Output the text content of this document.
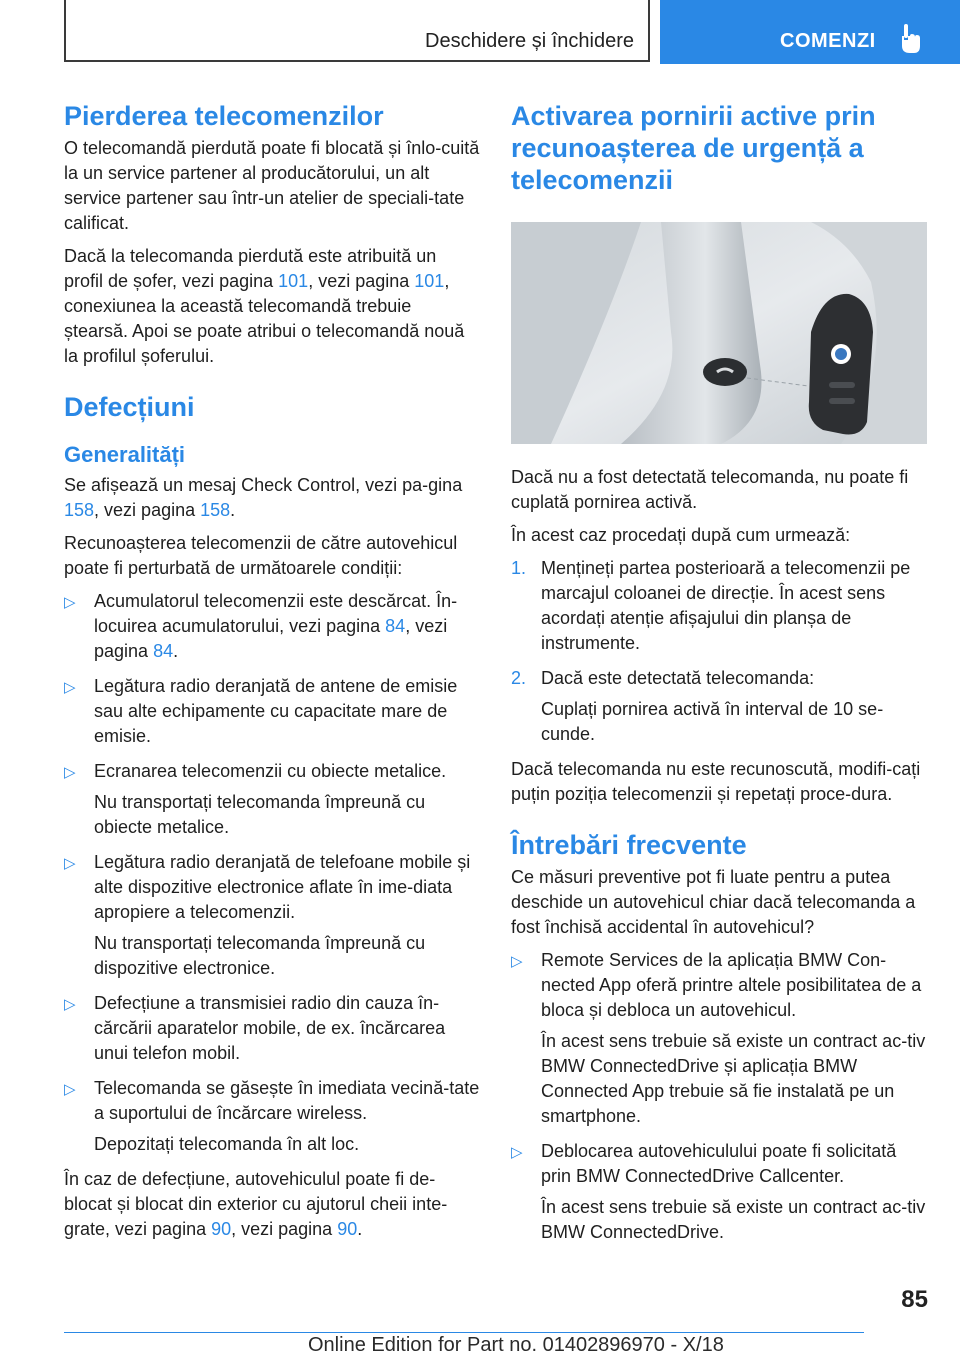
Deschidere și închidere	COMENZI
Pierderea telecomenzilor

O telecomandă pierdută poate fi blocată și înlo-cuită la un service partener al producătorului, un alt service partener sau într-un atelier de speciali-tate calificat.

Dacă la telecomanda pierdută este atribuită un profil de șofer, vezi pagina 101, vezi pagina 101, conexiunea la această telecomandă trebuie ștearsă. Apoi se poate atribui o telecomandă nouă la profilul șoferului.

Defecțiuni
Generalități

Se afișează un mesaj Check Control, vezi pa-gina 158, vezi pagina 158.

Recunoașterea telecomenzii de către autovehicul poate fi perturbată de următoarele condiții:

▷ Acumulatorul telecomenzii este descărcat. În-locuirea acumulatorului, vezi pagina 84, vezi pagina 84.

▷ Legătura radio deranjată de antene de emisie sau alte echipamente cu capacitate mare de emisie.

▷ Ecranarea telecomenzii cu obiecte metalice.

Nu transportați telecomanda împreună cu obiecte metalice.

▷ Legătura radio deranjată de telefoane mobile și alte dispozitive electronice aflate în ime-diata apropiere a telecomenzii.

Nu transportați telecomanda împreună cu dispozitive electronice.

▷ Defecțiune a transmisiei radio din cauza în-cărcării aparatelor mobile, de ex. încărcarea unui telefon mobil.

▷ Telecomanda se găsește în imediata vecină-tate a suportului de încărcare wireless.

Depozitați telecomanda în alt loc.

În caz de defecțiune, autovehiculul poate fi de-blocat și blocat din exterior cu ajutorul cheii inte-grate, vezi pagina 90, vezi pagina 90.

Activarea pornirii active prin recunoașterea de urgență a telecomenzii

Dacă nu a fost detectată telecomanda, nu poate fi cuplată pornirea activă.

În acest caz procedați după cum urmează:

1. Mențineți partea posterioară a telecomenzii pe marcajul coloanei de direcție. În acest sens acordați atenție afișajului din planșa de instrumente.

2. Dacă este detectată telecomanda:

Cuplați pornirea activă în interval de 10 se-cunde.

Dacă telecomanda nu este recunoscută, modifi-cați puțin poziția telecomenzii și repetați proce-dura.

Întrebări frecvente

Ce măsuri preventive pot fi luate pentru a putea deschide un autovehicul chiar dacă telecomanda a fost închisă accidental în autovehicul?

▷ Remote Services de la aplicația BMW Con-nected App oferă printre altele posibilitatea de a bloca și debloca un autovehicul.

În acest sens trebuie să existe un contract ac-tiv BMW ConnectedDrive și aplicația BMW Connected App trebuie să fie instalată pe un smartphone.

▷ Deblocarea autovehiculului poate fi solicitată prin BMW ConnectedDrive Callcenter.

În acest sens trebuie să existe un contract ac-tiv BMW ConnectedDrive.

85
Online Edition for Part no. 01402896970 - X/18
